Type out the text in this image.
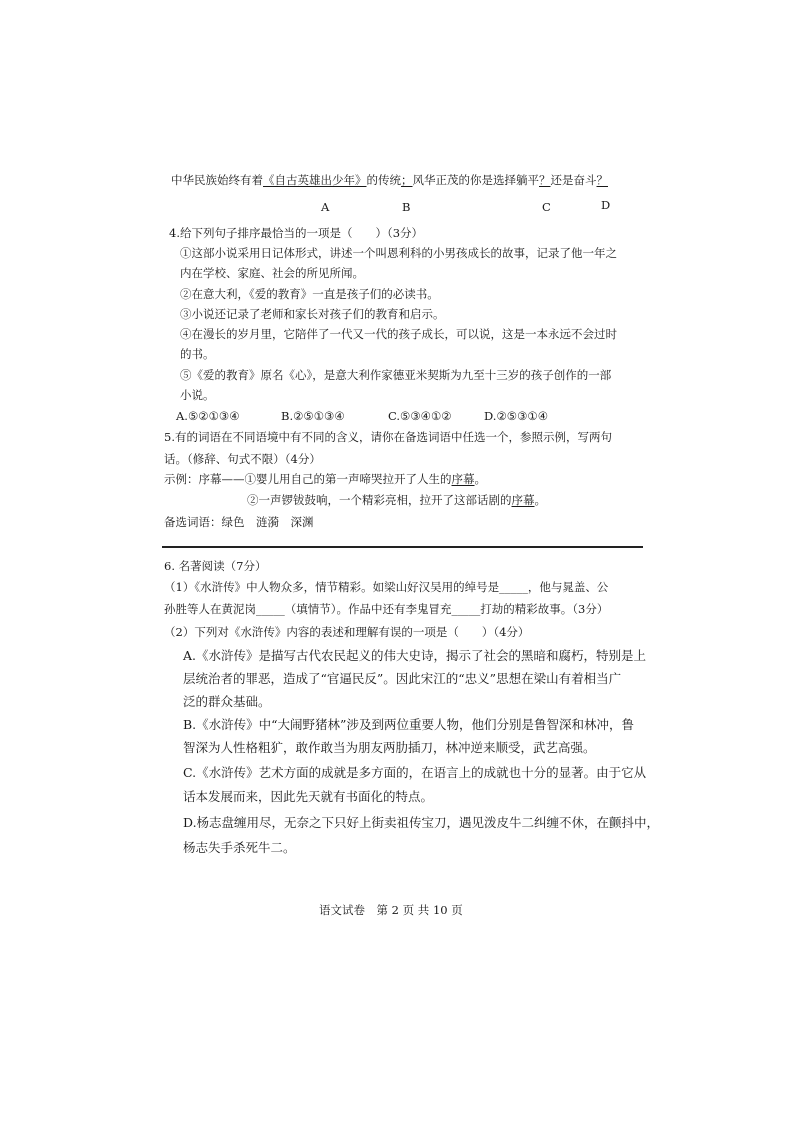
中华民族始终有着《自古英雄出少年》的传统；风华正茂的你是选择躺平？还是奋斗？
A	B	C	D
4.给下列句子排序最恰当的一项是（　　）（3分）
①这部小说采用日记体形式，讲述一个叫恩利科的小男孩成长的故事，记录了他一年之
内在学校、家庭、社会的所见所闻。
②在意大利，《爱的教育》一直是孩子们的必读书。
③小说还记录了老师和家长对孩子们的教育和启示。
④在漫长的岁月里，它陪伴了一代又一代的孩子成长，可以说，这是一本永远不会过时
的书。
⑤《爱的教育》原名《心》，是意大利作家德亚米契斯为九至十三岁的孩子创作的一部
小说。
A.⑤②①③④	B.②⑤①③④	C.⑤③④①②	D.②⑤③①④
5.有的词语在不同语境中有不同的含义，请你在备选词语中任选一个，参照示例，写两句
话。（修辞、句式不限）（4分）
示例：序幕——①婴儿用自己的第一声啼哭拉开了人生的序幕。
②一声锣钹鼓响，一个精彩亮相，拉开了这部话剧的序幕。
备选词语：绿色　涟漪　深渊
6. 名著阅读（7分）
（1）《水浒传》中人物众多，情节精彩。如梁山好汉吴用的绰号是_____，他与晁盖、公
孙胜等人在黄泥岗_____（填情节）。作品中还有李鬼冒充_____打劫的精彩故事。（3分）
（2）下列对《水浒传》内容的表述和理解有误的一项是（　　）（4分）
A.《水浒传》是描写古代农民起义的伟大史诗，揭示了社会的黑暗和腐朽，特别是上
层统治者的罪恶，造成了“官逼民反”。因此宋江的“忠义”思想在梁山有着相当广
泛的群众基础。
B.《水浒传》中“大闹野猪林”涉及到两位重要人物，他们分别是鲁智深和林冲，鲁
智深为人性格粗犷，敢作敢当为朋友两肋插刀，林冲逆来顺受，武艺高强。
C.《水浒传》艺术方面的成就是多方面的，在语言上的成就也十分的显著。由于它从
话本发展而来，因此先天就有书面化的特点。
D.杨志盘缠用尽，无奈之下只好上街卖祖传宝刀，遇见泼皮牛二纠缠不休，在颤抖中，
杨志失手杀死牛二。
语文试卷　第 2 页 共 10 页
